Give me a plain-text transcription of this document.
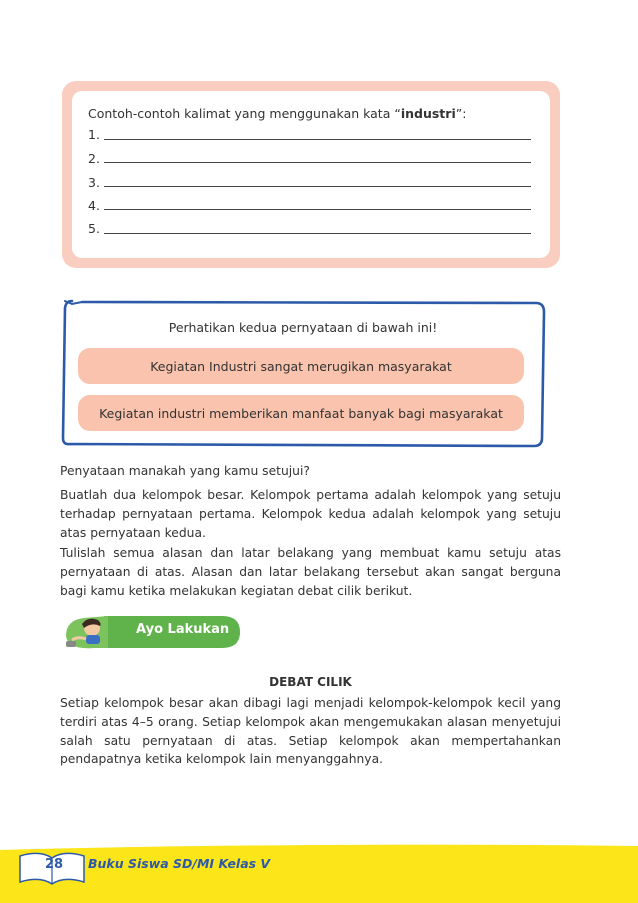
Contoh-contoh kalimat yang menggunakan kata “industri”:
1.
2.
3.
4.
5.
Perhatikan kedua pernyataan di bawah ini!
Kegiatan Industri sangat merugikan masyarakat
Kegiatan industri memberikan manfaat banyak bagi masyarakat

Penyataan manakah yang kamu setujui?

Buatlah dua kelompok besar. Kelompok pertama adalah kelompok yang setuju terhadap pernyataan pertama. Kelompok kedua adalah kelompok yang setuju atas pernyataan kedua.

Tulislah semua alasan dan latar belakang yang membuat kamu setuju atas pernyataan di atas. Alasan dan latar belakang tersebut akan sangat berguna bagi kamu ketika melakukan kegiatan debat cilik berikut.

Ayo Lakukan
DEBAT CILIK

Setiap kelompok besar akan dibagi lagi menjadi kelompok-kelompok kecil yang terdiri atas 4–5 orang. Setiap kelompok akan mengemukakan alasan menyetujui salah satu pernyataan di atas. Setiap kelompok akan mempertahankan pendapatnya ketika kelompok lain menyanggahnya.

28	Buku Siswa SD/MI Kelas V
